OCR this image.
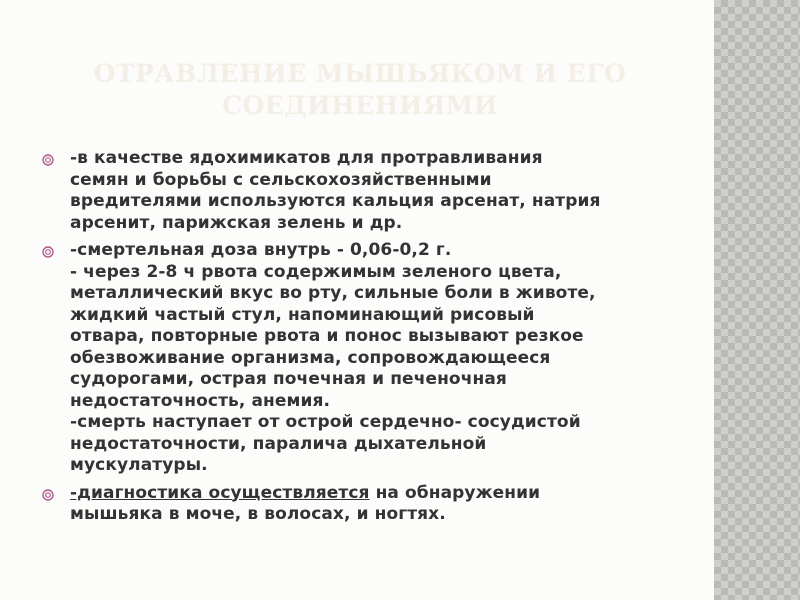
ОТРАВЛЕНИЕ МЫШЬЯКОМ И ЕГО
СОЕДИНЕНИЯМИ

-в качестве ядохимикатов для протравливания
семян и борьбы с сельскохозяйственными
вредителями используются кальция арсенат, натрия
арсенит, парижская зелень и др.

-смертельная доза внутрь - 0,06-0,2 г.
- через 2-8 ч рвота содержимым зеленого цвета,
металлический вкус во рту, сильные боли в животе,
жидкий частый стул, напоминающий рисовый
отвара, повторные рвота и понос вызывают резкое
обезвоживание организма, сопровождающееся
судорогами, острая почечная и печеночная
недостаточность, анемия.
-смерть наступает от острой сердечно- сосудистой
недостаточности, паралича дыхательной
мускулатуры.

-диагностика осуществляется на обнаружении
мышьяка в моче, в волосах, и ногтях.
